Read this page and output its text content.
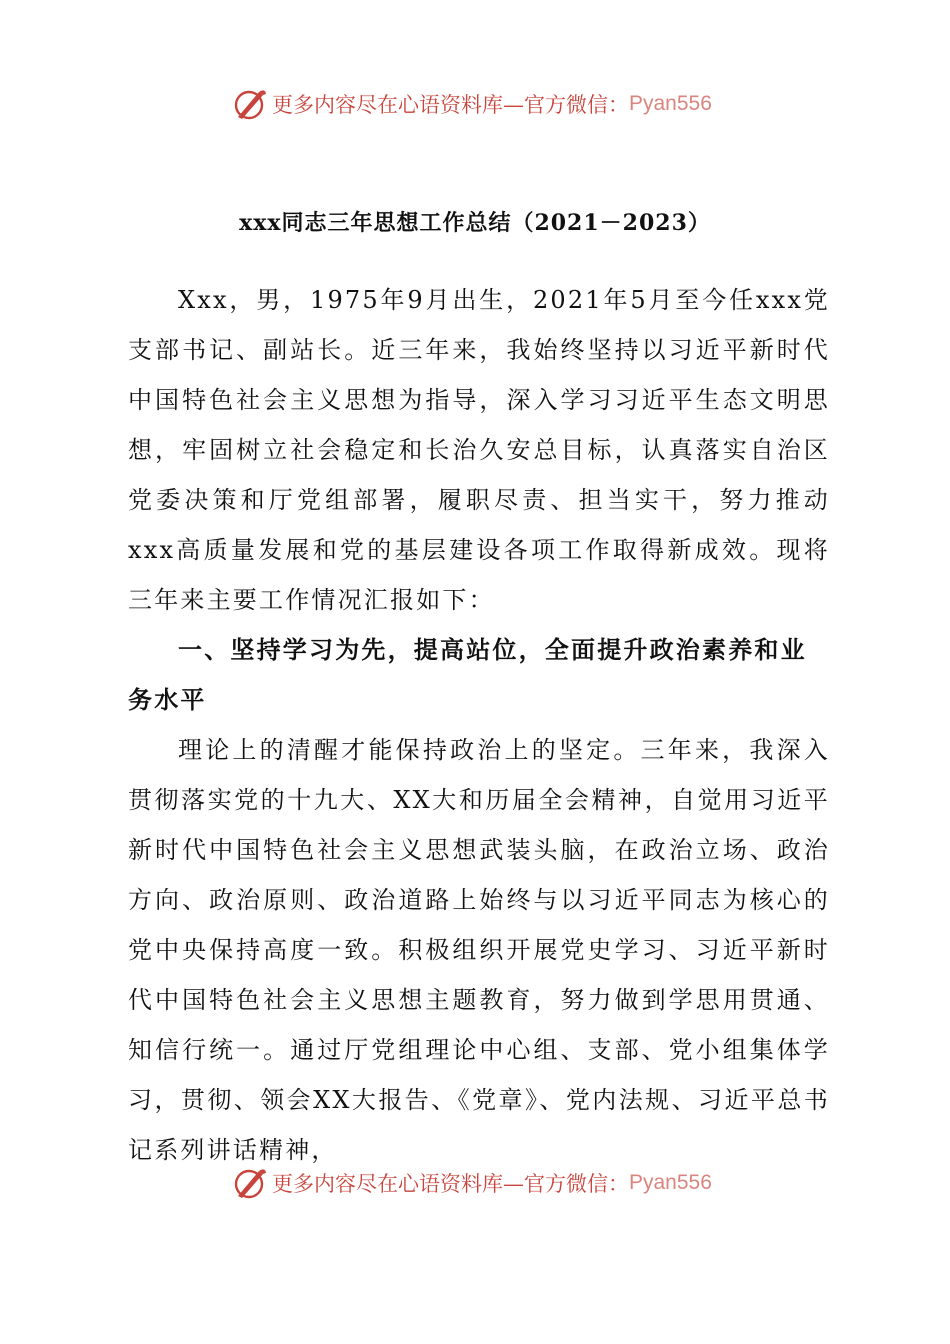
更多内容尽在心语资料库— 官方微信： Pyan556
xxx同志三年思想工作总结（2021－2023）

Xxx，男，1975年9月出生，2021年5月至今任xxx党支部书记、副站长。近三年来，我始终坚持以习近平新时代中国特色社会主义思想为指导，深入学习习近平生态文明思想，牢固树立社会稳定和长治久安总目标，认真落实自治区党委决策和厅党组部署，履职尽责、担当实干，努力推动xxx高质量发展和党的基层建设各项工作取得新成效。现将三年来主要工作情况汇报如下：

一、坚持学习为先，提高站位，全面提升政治素养和业务水平

理论上的清醒才能保持政治上的坚定。三年来，我深入贯彻落实党的十九大、XX大和历届全会精神，自觉用习近平新时代中国特色社会主义思想武装头脑，在政治立场、政治方向、政治原则、政治道路上始终与以习近平同志为核心的党中央保持高度一致。积极组织开展党史学习、习近平新时代中国特色社会主义思想主题教育，努力做到学思用贯通、知信行统一。通过厅党组理论中心组、支部、党小组集体学习，贯彻、领会XX大报告、《党章》、党内法规、习近平总书记系列讲话精神，

更多内容尽在心语资料库— 官方微信： Pyan556
